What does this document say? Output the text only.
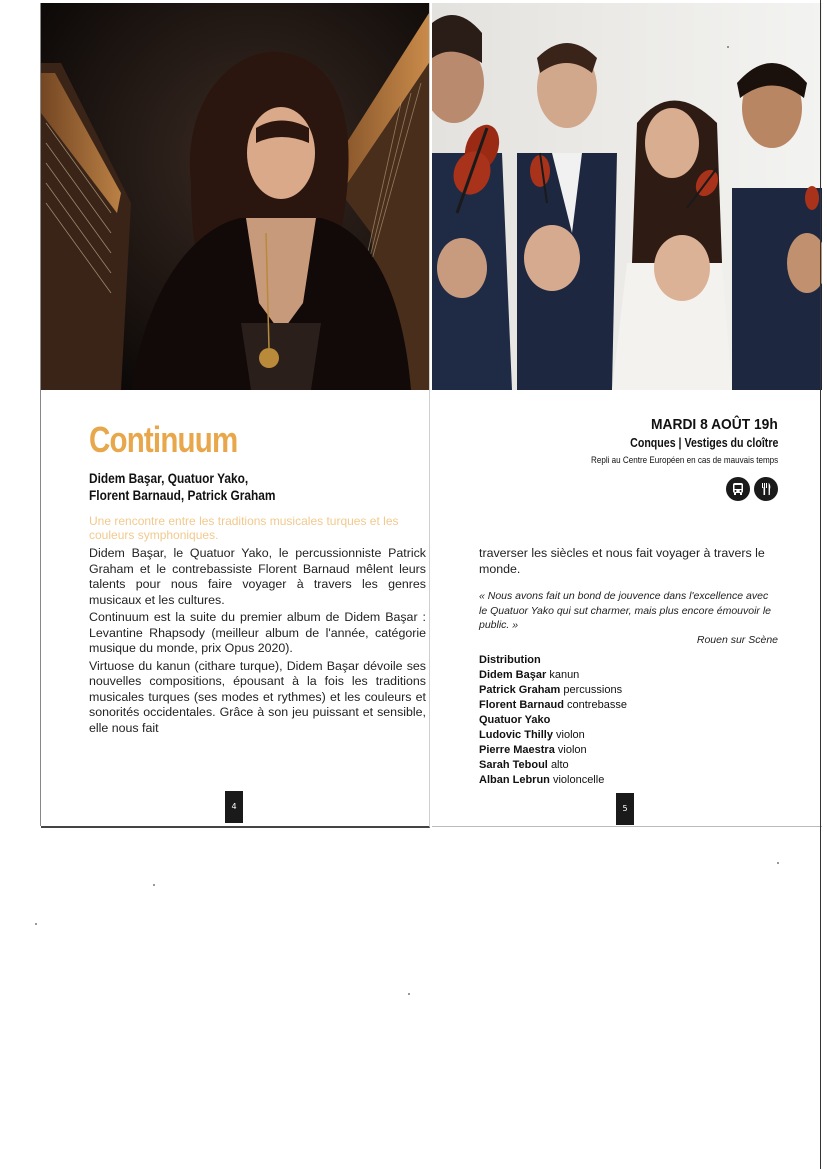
Continuum
Didem Başar, Quatuor Yako,
Florent Barnaud, Patrick Graham
Une rencontre entre les traditions musicales turques et les couleurs symphoniques.

Didem Başar, le Quatuor Yako, le percussionniste Patrick Graham et le contrebassiste Florent Barnaud mêlent leurs talents pour nous faire voyager à travers les genres musicaux et les cultures.

Continuum est la suite du premier album de Didem Başar : Levantine Rhapsody (meilleur album de l'année, catégorie musique du monde, prix Opus 2020).

Virtuose du kanun (cithare turque), Didem Başar dévoile ses nouvelles compositions, épousant à la fois les traditions musicales turques (ses modes et rythmes) et les couleurs et sonorités occidentales. Grâce à son jeu puissant et sensible, elle nous fait

4
MARDI 8 AOÛT 19h
Conques | Vestiges du cloître
Repli au Centre Européen en cas de mauvais temps
traverser les siècles et nous fait voyager à travers le monde.
« Nous avons fait un bond de jouvence dans l'excellence avec le Quatuor Yako qui sut charmer, mais plus encore émouvoir le public. »
Rouen sur Scène
Distribution
Didem Başar kanun
Patrick Graham percussions
Florent Barnaud contrebasse
Quatuor Yako
Ludovic Thilly violon
Pierre Maestra violon
Sarah Teboul alto
Alban Lebrun violoncelle
5
